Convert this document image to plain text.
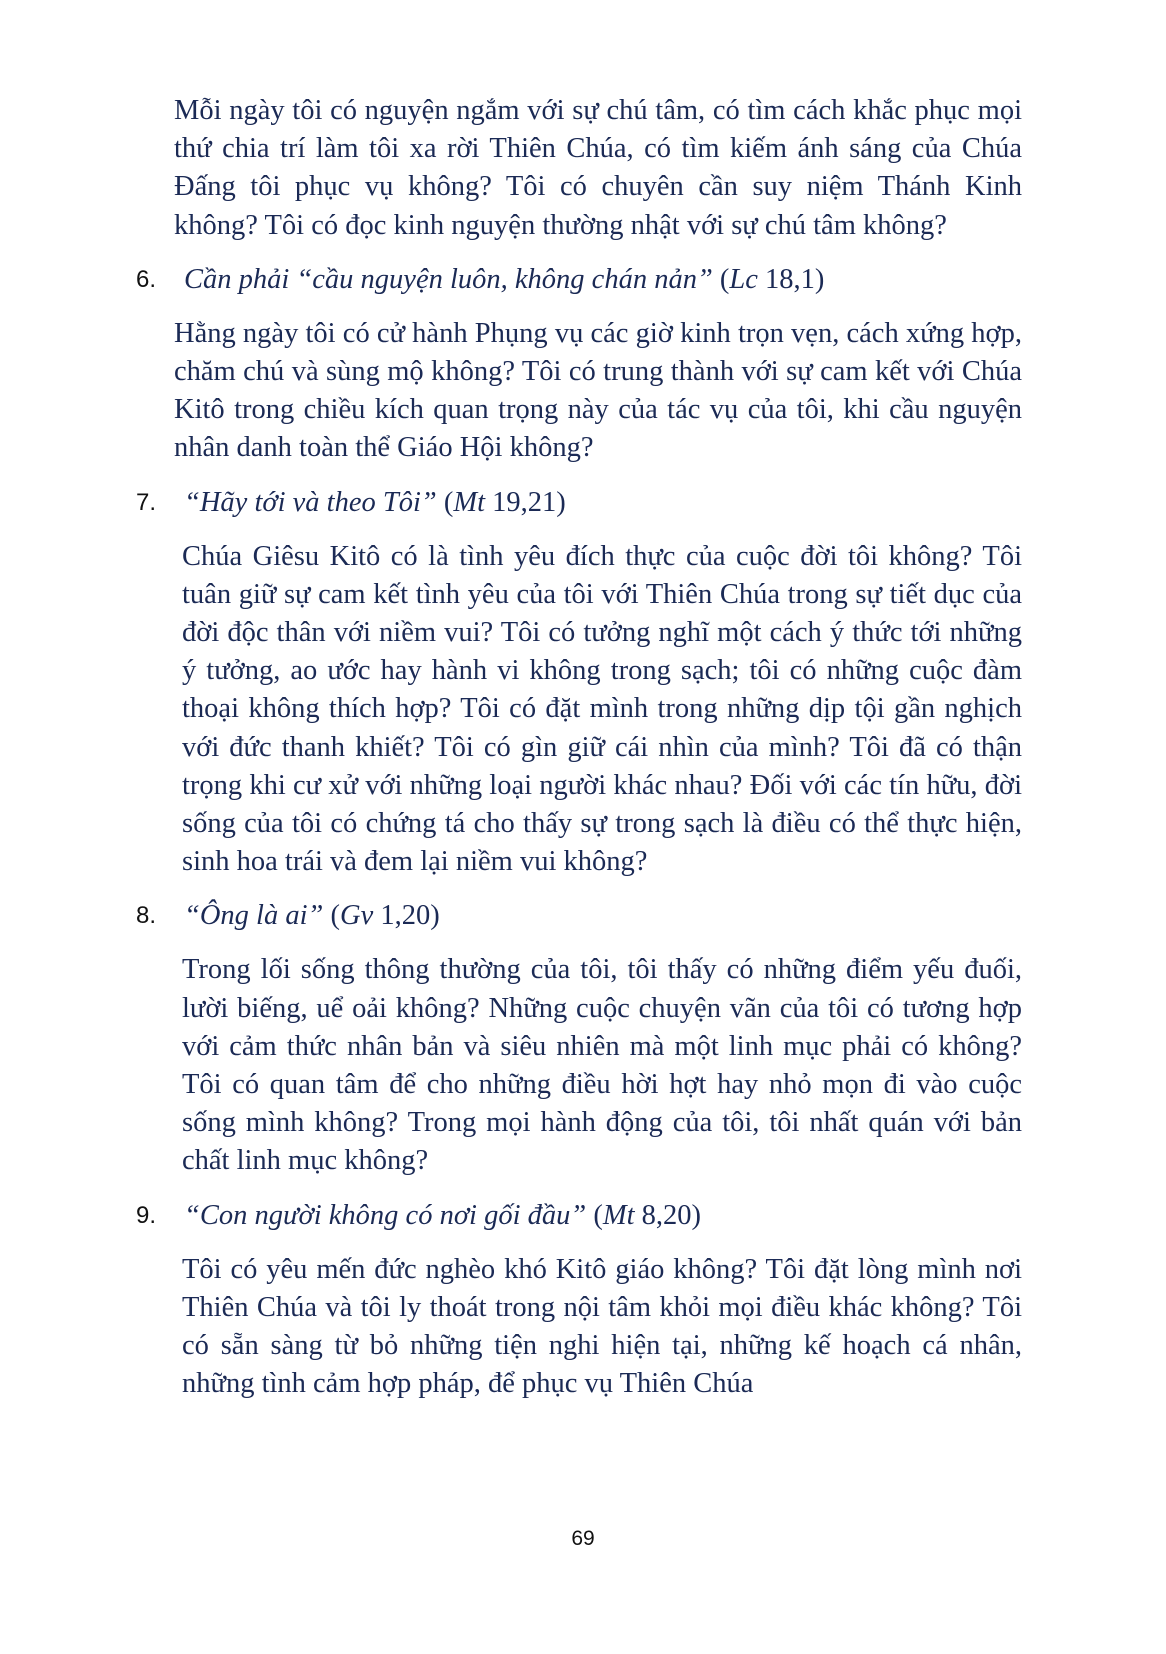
Mỗi ngày tôi có nguyện ngắm với sự chú tâm, có tìm cách khắc phục mọi thứ chia trí làm tôi xa rời Thiên Chúa, có tìm kiếm ánh sáng của Chúa Đấng tôi phục vụ không? Tôi có chuyên cần suy niệm Thánh Kinh không? Tôi có đọc kinh nguyện thường nhật với sự chú tâm không?

6. Cần phải “cầu nguyện luôn, không chán nản” (Lc 18,1)

Hằng ngày tôi có cử hành Phụng vụ các giờ kinh trọn vẹn, cách xứng hợp, chăm chú và sùng mộ không? Tôi có trung thành với sự cam kết với Chúa Kitô trong chiều kích quan trọng này của tác vụ của tôi, khi cầu nguyện nhân danh toàn thể Giáo Hội không?

7. “Hãy tới và theo Tôi” (Mt 19,21)

Chúa Giêsu Kitô có là tình yêu đích thực của cuộc đời tôi không? Tôi tuân giữ sự cam kết tình yêu của tôi với Thiên Chúa trong sự tiết dục của đời độc thân với niềm vui? Tôi có tưởng nghĩ một cách ý thức tới những ý tưởng, ao ước hay hành vi không trong sạch; tôi có những cuộc đàm thoại không thích hợp? Tôi có đặt mình trong những dịp tội gần nghịch với đức thanh khiết? Tôi có gìn giữ cái nhìn của mình? Tôi đã có thận trọng khi cư xử với những loại người khác nhau? Đối với các tín hữu, đời sống của tôi có chứng tá cho thấy sự trong sạch là điều có thể thực hiện, sinh hoa trái và đem lại niềm vui không?

8. “Ông là ai” (Gv 1,20)

Trong lối sống thông thường của tôi, tôi thấy có những điểm yếu đuối, lười biếng, uể oải không? Những cuộc chuyện vãn của tôi có tương hợp với cảm thức nhân bản và siêu nhiên mà một linh mục phải có không? Tôi có quan tâm để cho những điều hời hợt hay nhỏ mọn đi vào cuộc sống mình không? Trong mọi hành động của tôi, tôi nhất quán với bản chất linh mục không?

9. “Con người không có nơi gối đầu” (Mt 8,20)

Tôi có yêu mến đức nghèo khó Kitô giáo không? Tôi đặt lòng mình nơi Thiên Chúa và tôi ly thoát trong nội tâm khỏi mọi điều khác không? Tôi có sẵn sàng từ bỏ những tiện nghi hiện tại, những kế hoạch cá nhân, những tình cảm hợp pháp, để phục vụ Thiên Chúa

69
